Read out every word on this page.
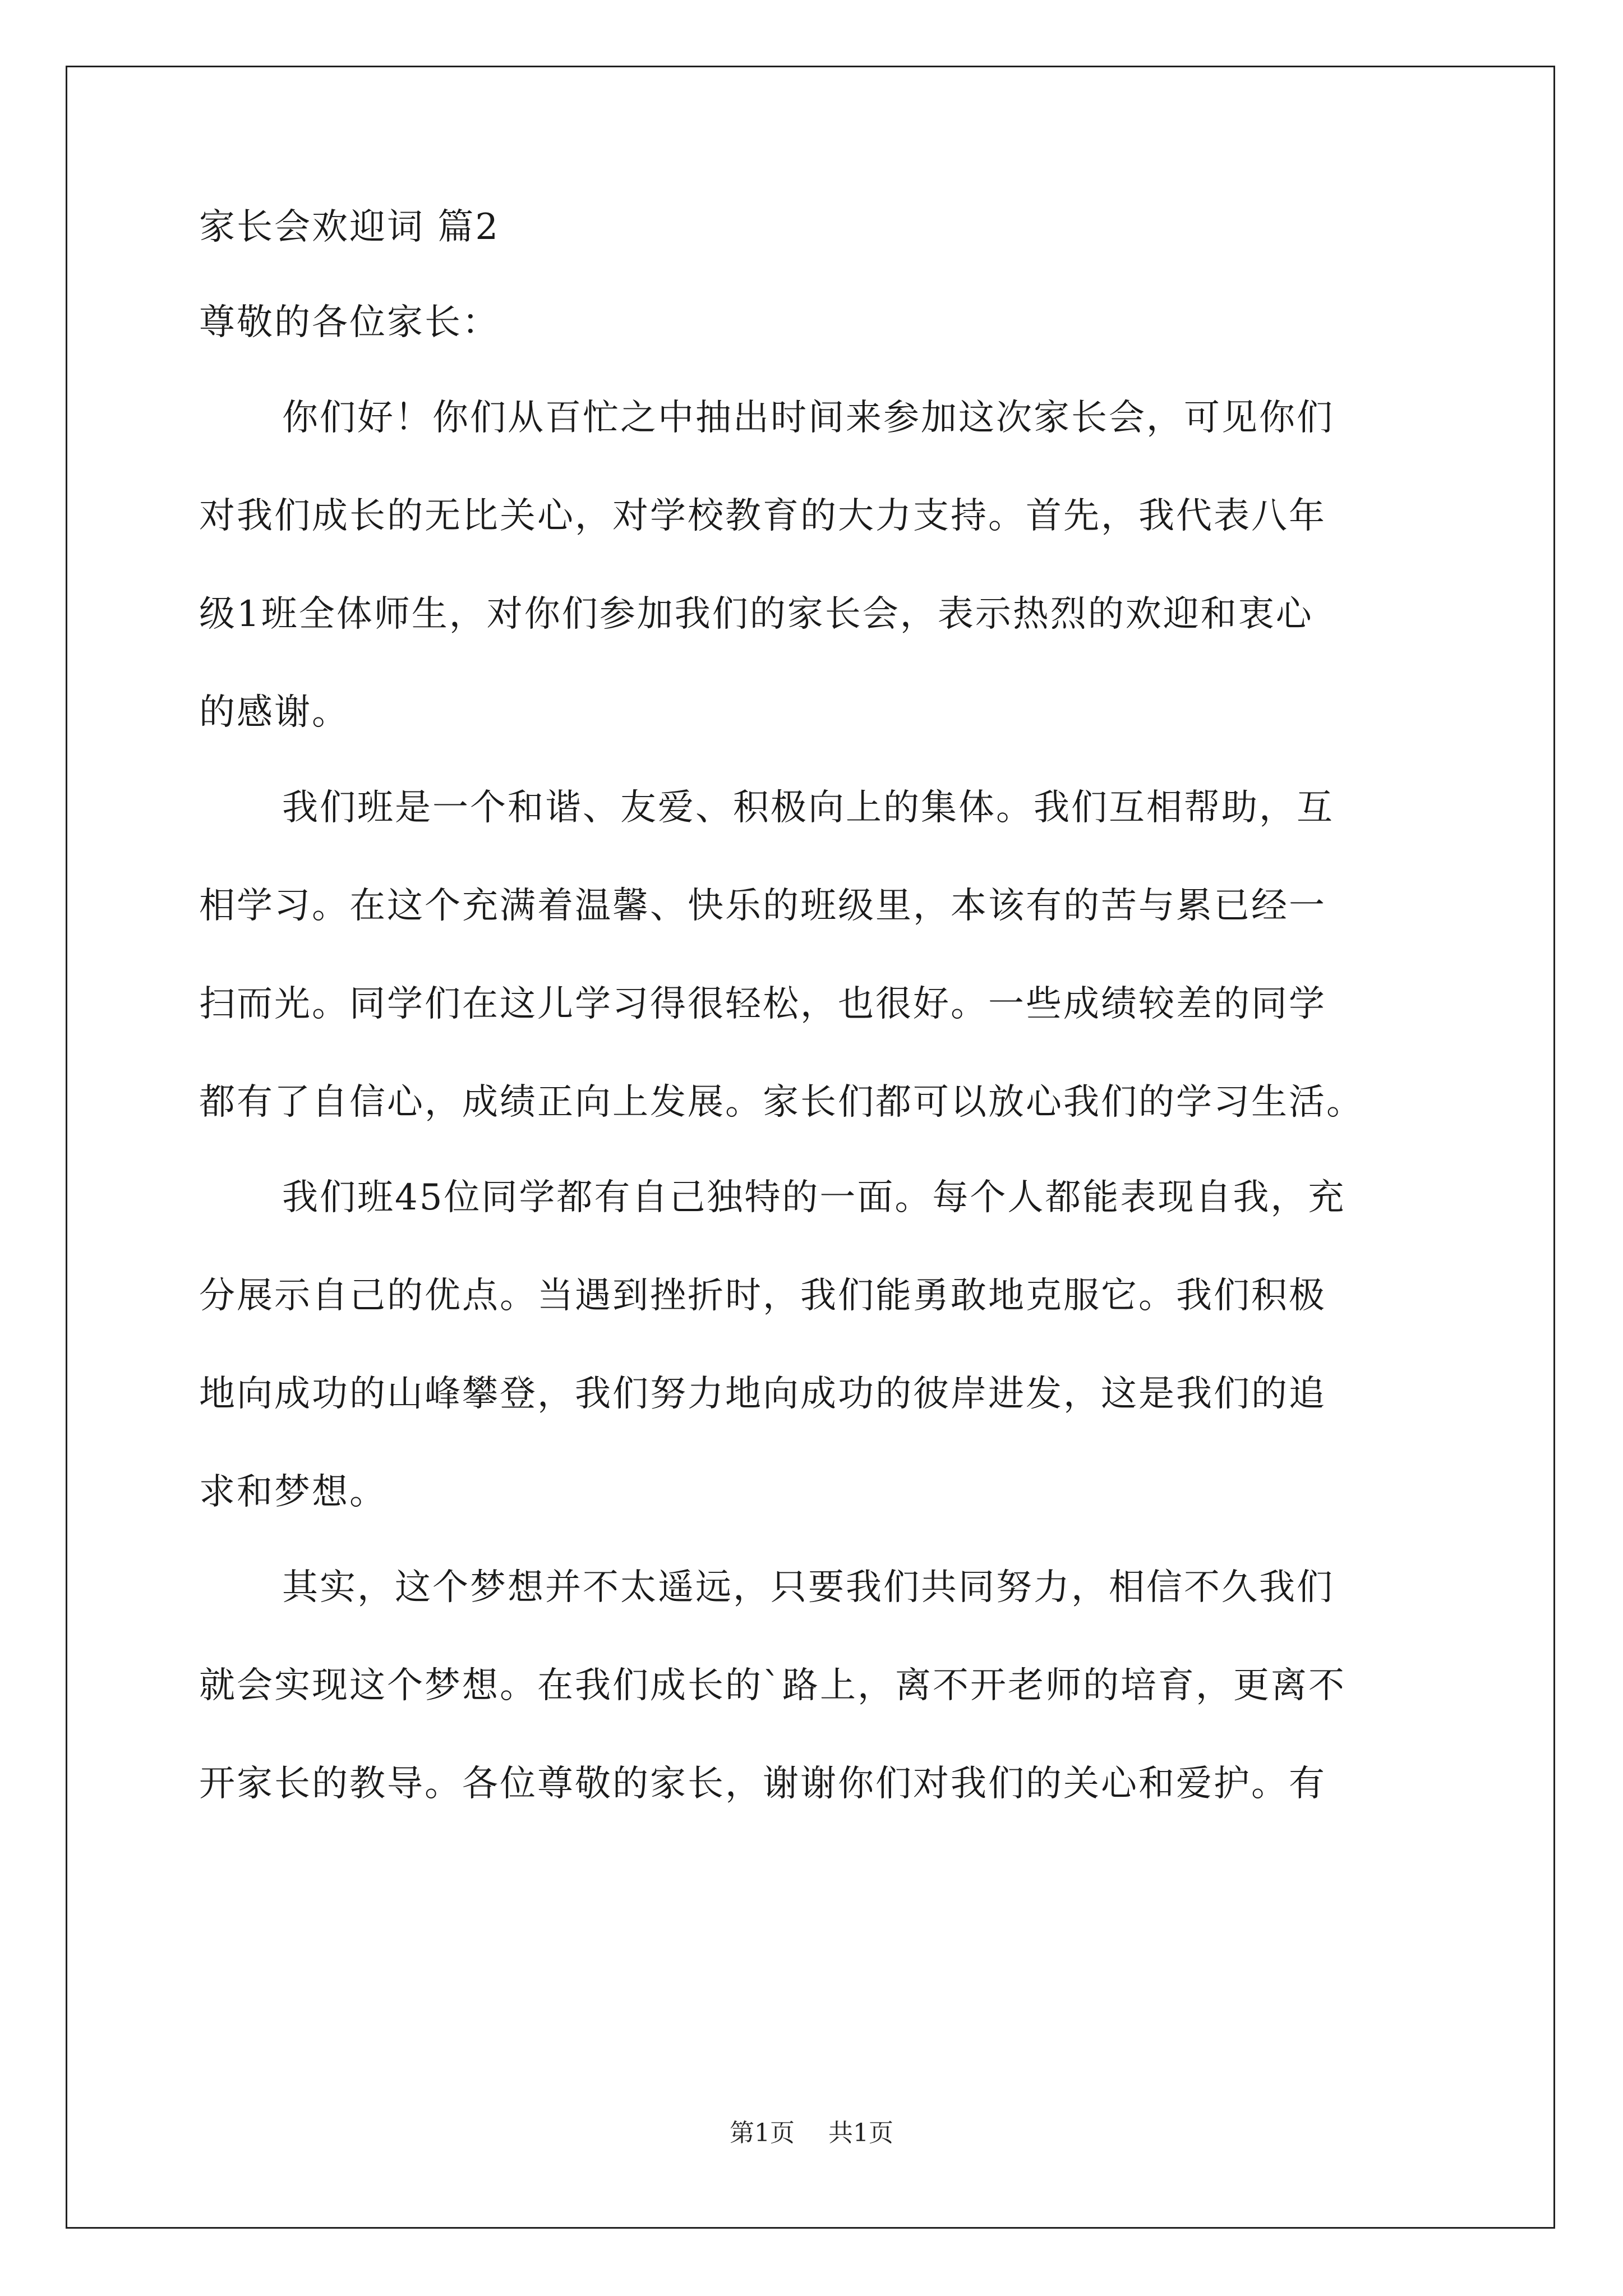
家长会欢迎词 篇2
尊敬的各位家长：
你们好！你们从百忙之中抽出时间来参加这次家长会，可见你们
对我们成长的无比关心，对学校教育的大力支持。首先，我代表八年
级1班全体师生，对你们参加我们的家长会，表示热烈的欢迎和衷心
的感谢。
我们班是一个和谐、友爱、积极向上的集体。我们互相帮助，互
相学习。在这个充满着温馨、快乐的班级里，本该有的苦与累已经一
扫而光。同学们在这儿学习得很轻松，也很好。一些成绩较差的同学
都有了自信心，成绩正向上发展。家长们都可以放心我们的学习生活。
我们班45位同学都有自己独特的一面。每个人都能表现自我，充
分展示自己的优点。当遇到挫折时，我们能勇敢地克服它。我们积极
地向成功的山峰攀登，我们努力地向成功的彼岸进发，这是我们的追
求和梦想。
其实，这个梦想并不太遥远，只要我们共同努力，相信不久我们
就会实现这个梦想。在我们成长的`路上，离不开老师的培育，更离不
开家长的教导。各位尊敬的家长，谢谢你们对我们的关心和爱护。有
第1页 共1页
